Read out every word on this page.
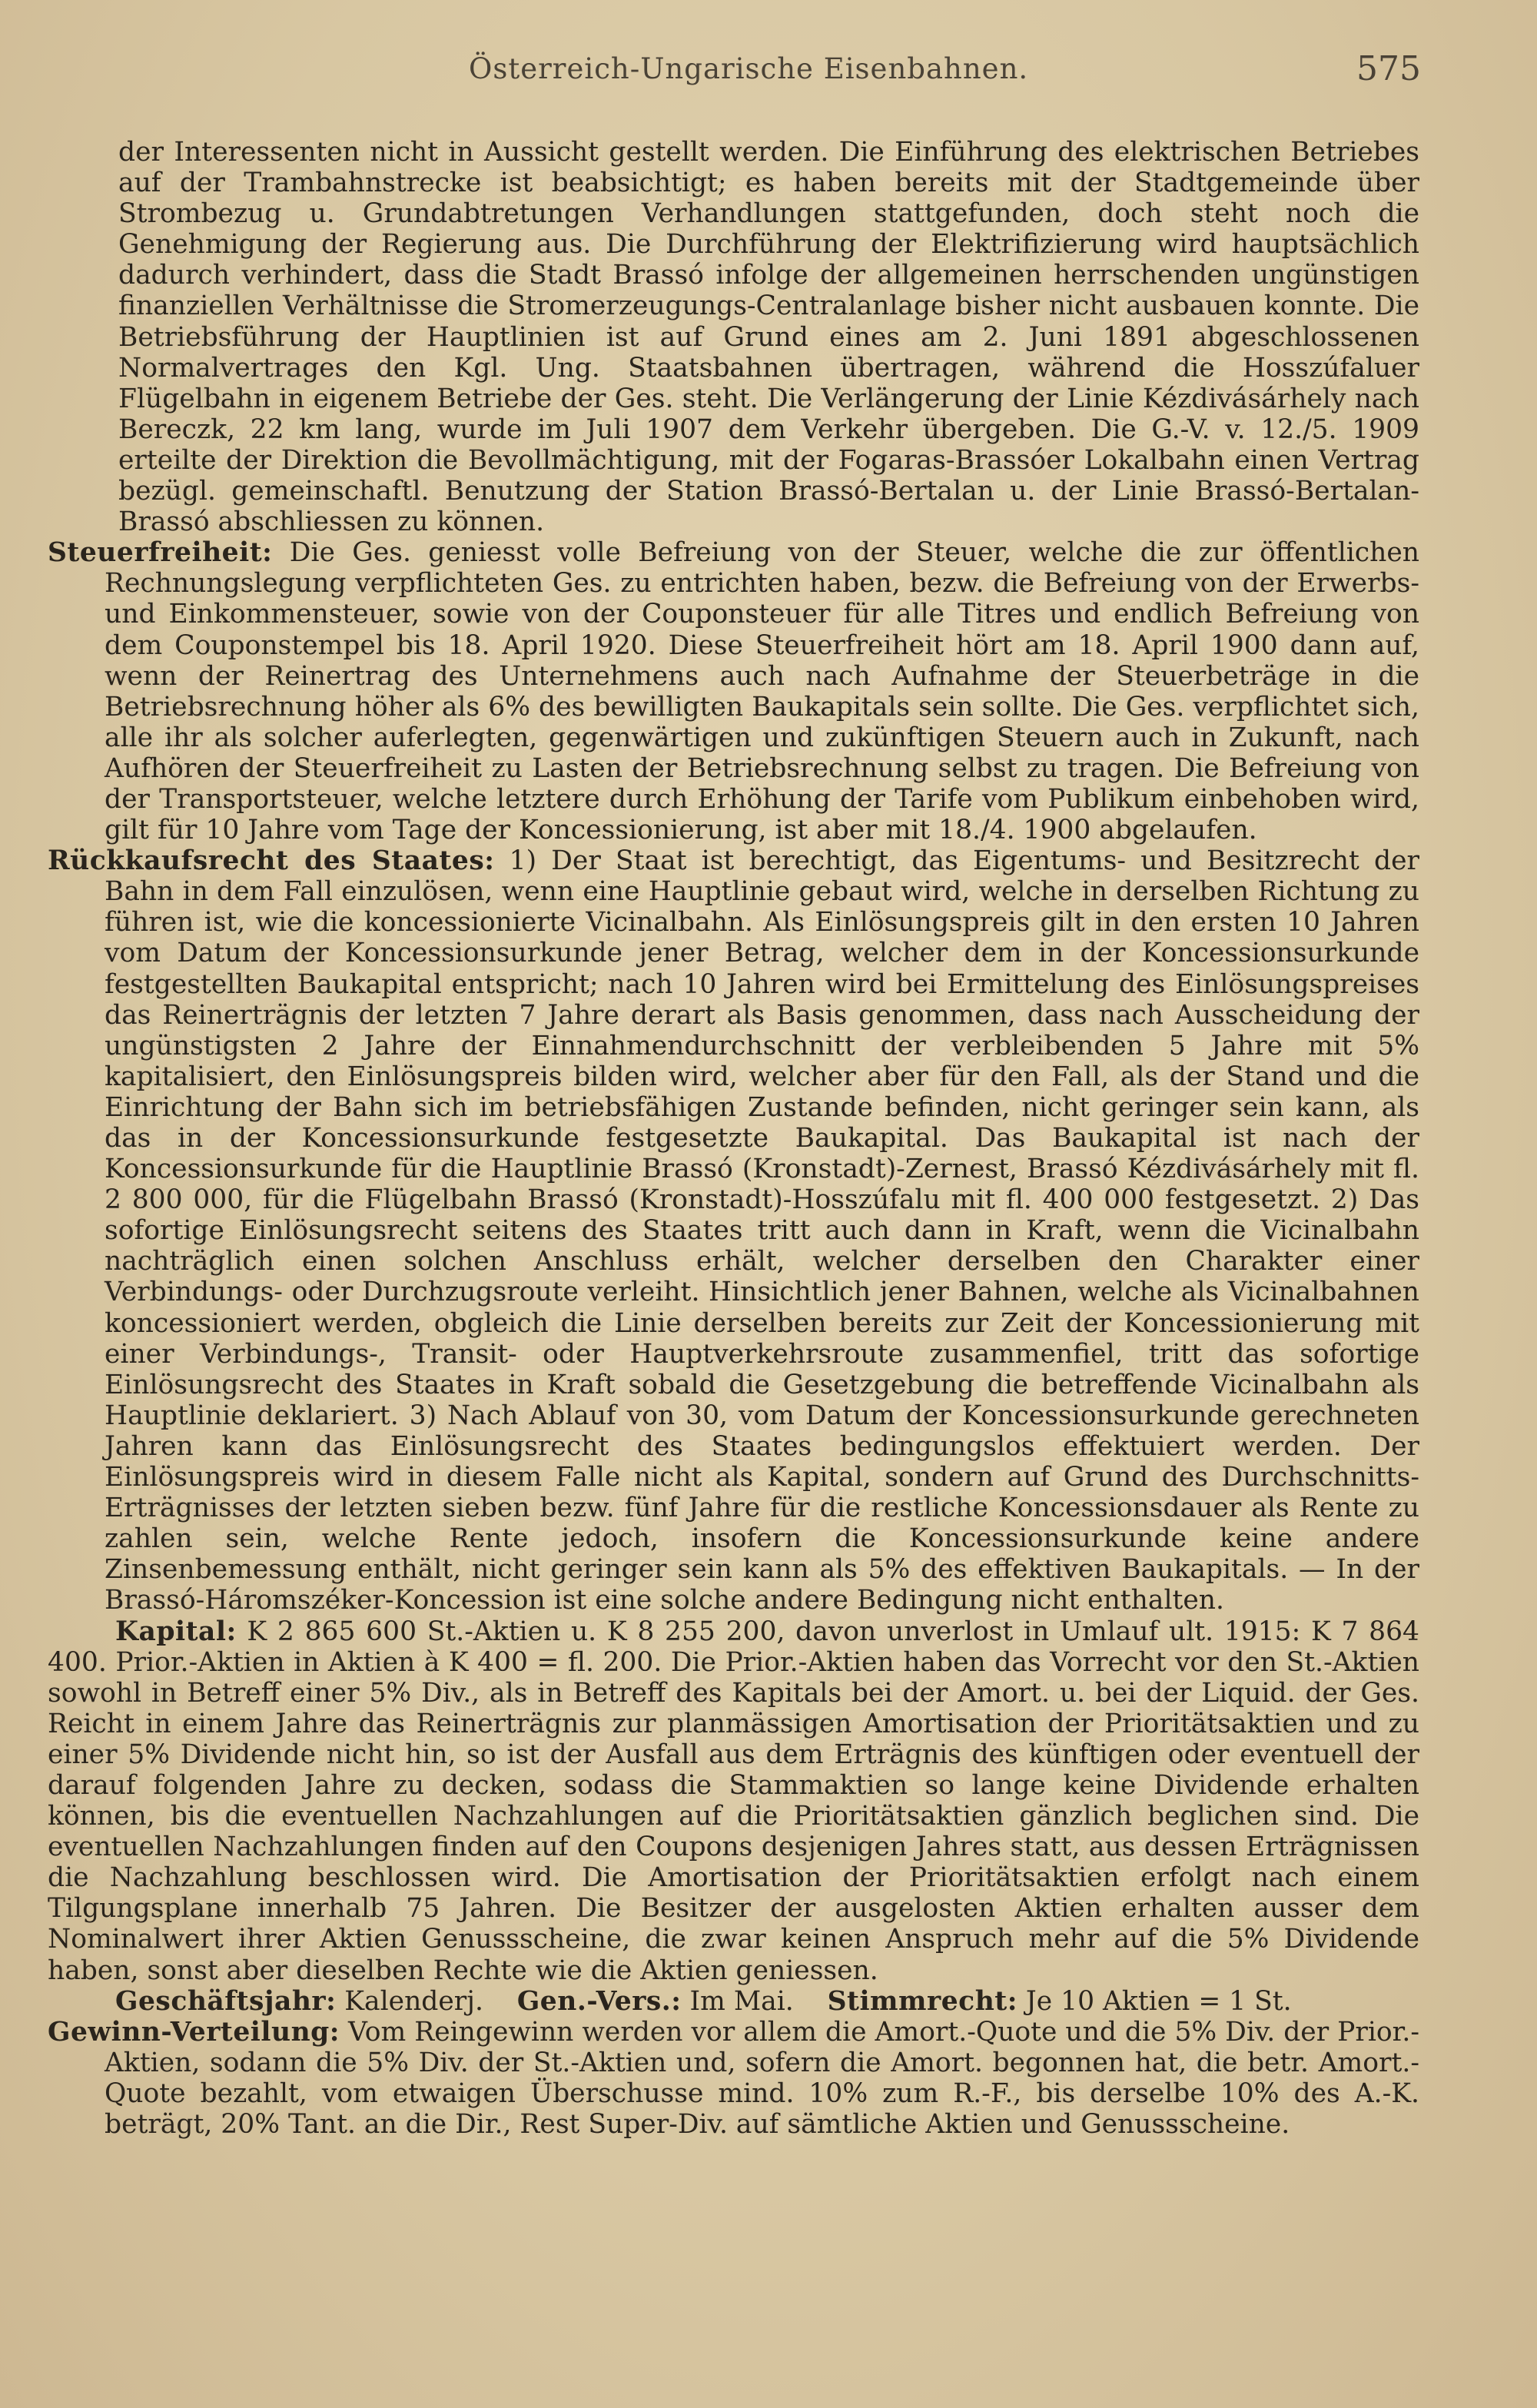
Österreich-Ungarische Eisenbahnen.	575

der Interessenten nicht in Aussicht gestellt werden. Die Einführung des elektrischen Betriebes auf der Trambahnstrecke ist beabsichtigt; es haben bereits mit der Stadtgemeinde über Strombezug u. Grundabtretungen Verhandlungen stattgefunden, doch steht noch die Genehmigung der Regierung aus. Die Durchführung der Elektrifizierung wird hauptsächlich dadurch verhindert, dass die Stadt Brassó infolge der allgemeinen herrschenden ungünstigen finanziellen Verhältnisse die Stromerzeugungs-Centralanlage bisher nicht ausbauen konnte. Die Betriebsführung der Hauptlinien ist auf Grund eines am 2. Juni 1891 abgeschlossenen Normalvertrages den Kgl. Ung. Staatsbahnen übertragen, während die Hosszúfaluer Flügelbahn in eigenem Betriebe der Ges. steht. Die Verlängerung der Linie Kézdivásárhely nach Bereczk, 22 km lang, wurde im Juli 1907 dem Verkehr übergeben. Die G.-V. v. 12./5. 1909 erteilte der Direktion die Bevollmächtigung, mit der Fogaras-Brassóer Lokalbahn einen Vertrag bezügl. gemeinschaftl. Benutzung der Station Brassó-Bertalan u. der Linie Brassó-Bertalan-Brassó abschliessen zu können.

Steuerfreiheit: Die Ges. geniesst volle Befreiung von der Steuer, welche die zur öffentlichen Rechnungslegung verpflichteten Ges. zu entrichten haben, bezw. die Befreiung von der Erwerbs- und Einkommensteuer, sowie von der Couponsteuer für alle Titres und endlich Befreiung von dem Couponstempel bis 18. April 1920. Diese Steuerfreiheit hört am 18. April 1900 dann auf, wenn der Reinertrag des Unternehmens auch nach Aufnahme der Steuerbeträge in die Betriebsrechnung höher als 6% des bewilligten Baukapitals sein sollte. Die Ges. verpflichtet sich, alle ihr als solcher auferlegten, gegenwärtigen und zukünftigen Steuern auch in Zukunft, nach Aufhören der Steuerfreiheit zu Lasten der Betriebsrechnung selbst zu tragen. Die Befreiung von der Transportsteuer, welche letztere durch Erhöhung der Tarife vom Publikum einbehoben wird, gilt für 10 Jahre vom Tage der Koncessionierung, ist aber mit 18./4. 1900 abgelaufen.

Rückkaufsrecht des Staates: 1) Der Staat ist berechtigt, das Eigentums- und Besitzrecht der Bahn in dem Fall einzulösen, wenn eine Hauptlinie gebaut wird, welche in derselben Richtung zu führen ist, wie die koncessionierte Vicinalbahn. Als Einlösungspreis gilt in den ersten 10 Jahren vom Datum der Koncessionsurkunde jener Betrag, welcher dem in der Koncessionsurkunde festgestellten Baukapital entspricht; nach 10 Jahren wird bei Ermittelung des Einlösungspreises das Reinerträgnis der letzten 7 Jahre derart als Basis genommen, dass nach Ausscheidung der ungünstigsten 2 Jahre der Einnahmendurchschnitt der verbleibenden 5 Jahre mit 5% kapitalisiert, den Einlösungspreis bilden wird, welcher aber für den Fall, als der Stand und die Einrichtung der Bahn sich im betriebsfähigen Zustande befinden, nicht geringer sein kann, als das in der Koncessionsurkunde festgesetzte Baukapital. Das Baukapital ist nach der Koncessionsurkunde für die Hauptlinie Brassó (Kronstadt)-Zernest, Brassó Kézdivásárhely mit fl. 2 800 000, für die Flügelbahn Brassó (Kronstadt)-Hosszúfalu mit fl. 400 000 festgesetzt. 2) Das sofortige Einlösungsrecht seitens des Staates tritt auch dann in Kraft, wenn die Vicinalbahn nachträglich einen solchen Anschluss erhält, welcher derselben den Charakter einer Verbindungs- oder Durchzugsroute verleiht. Hinsichtlich jener Bahnen, welche als Vicinalbahnen koncessioniert werden, obgleich die Linie derselben bereits zur Zeit der Koncessionierung mit einer Verbindungs-, Transit- oder Hauptverkehrsroute zusammenfiel, tritt das sofortige Einlösungsrecht des Staates in Kraft sobald die Gesetzgebung die betreffende Vicinalbahn als Hauptlinie deklariert. 3) Nach Ablauf von 30, vom Datum der Koncessionsurkunde gerechneten Jahren kann das Einlösungsrecht des Staates bedingungslos effektuiert werden. Der Einlösungspreis wird in diesem Falle nicht als Kapital, sondern auf Grund des Durchschnitts-Erträgnisses der letzten sieben bezw. fünf Jahre für die restliche Koncessionsdauer als Rente zu zahlen sein, welche Rente jedoch, insofern die Koncessionsurkunde keine andere Zinsenbemessung enthält, nicht geringer sein kann als 5% des effektiven Baukapitals. — In der Brassó-Háromszéker-Koncession ist eine solche andere Bedingung nicht enthalten.

Kapital: K 2 865 600 St.-Aktien u. K 8 255 200, davon unverlost in Umlauf ult. 1915: K 7 864 400. Prior.-Aktien in Aktien à K 400 = fl. 200. Die Prior.-Aktien haben das Vorrecht vor den St.-Aktien sowohl in Betreff einer 5% Div., als in Betreff des Kapitals bei der Amort. u. bei der Liquid. der Ges. Reicht in einem Jahre das Reinerträgnis zur planmässigen Amortisation der Prioritätsaktien und zu einer 5% Dividende nicht hin, so ist der Ausfall aus dem Erträgnis des künftigen oder eventuell der darauf folgenden Jahre zu decken, sodass die Stammaktien so lange keine Dividende erhalten können, bis die eventuellen Nachzahlungen auf die Prioritätsaktien gänzlich beglichen sind. Die eventuellen Nachzahlungen finden auf den Coupons desjenigen Jahres statt, aus dessen Erträgnissen die Nachzahlung beschlossen wird. Die Amortisation der Prioritätsaktien erfolgt nach einem Tilgungsplane innerhalb 75 Jahren. Die Besitzer der ausgelosten Aktien erhalten ausser dem Nominalwert ihrer Aktien Genussscheine, die zwar keinen Anspruch mehr auf die 5% Dividende haben, sonst aber dieselben Rechte wie die Aktien geniessen.

Geschäftsjahr: Kalenderj. Gen.-Vers.: Im Mai. Stimmrecht: Je 10 Aktien = 1 St.

Gewinn-Verteilung: Vom Reingewinn werden vor allem die Amort.-Quote und die 5% Div. der Prior.-Aktien, sodann die 5% Div. der St.-Aktien und, sofern die Amort. begonnen hat, die betr. Amort.-Quote bezahlt, vom etwaigen Überschusse mind. 10% zum R.-F., bis derselbe 10% des A.-K. beträgt, 20% Tant. an die Dir., Rest Super-Div. auf sämtliche Aktien und Genussscheine.
